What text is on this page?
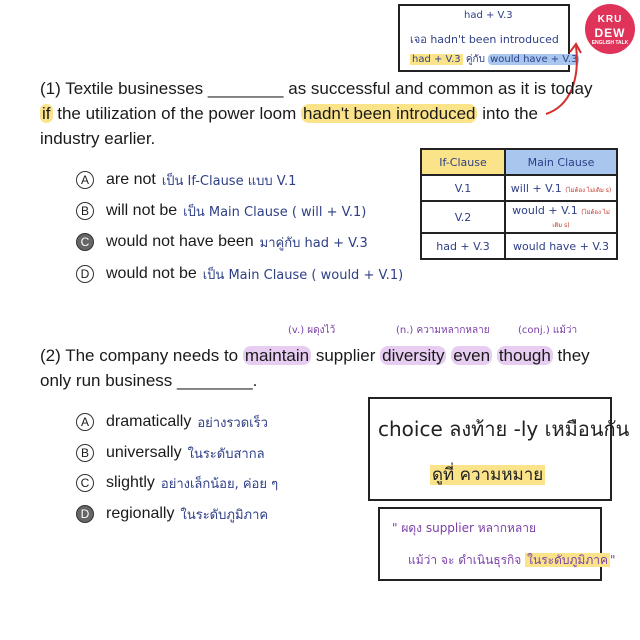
had + V.3
เจอ hadn't been introduced
had + V.3 คู่กับ would have + V.3
KRU
DEW
ENGLISH TALK
(1) Textile businesses ________ as successful and common as it is today if the utilization of the power loom hadn't been introduced into the industry earlier.
A	are not เป็น If-Clause แบบ V.1
B	will not be เป็น Main Clause ( will + V.1)
C would not have been มาคู่กับ had + V.3
D would not be เป็น Main Clause ( would + V.1)
If-Clause	Main Clause
V.1	will + V.1 (ไม่ต้อง ไม่เติม s)
V.2	would + V.1 (ไม่ต้อง ไม่เติม s)
had + V.3	would have + V.3
(v.) ผดุงไว้	(n.) ความหลากหลาย	(conj.) แม้ว่า
(2) The company needs to maintain supplier diversity even though they only run business ________.
A	dramatically อย่างรวดเร็ว
B	universally ในระดับสากล
C slightly อย่างเล็กน้อย, ค่อย ๆ
D regionally ในระดับภูมิภาค
choice ลงท้าย -ly เหมือนกัน
ดูที่ ความหมาย
" ผดุง supplier หลากหลาย
แม้ว่า จะ ดำเนินธุรกิจ ในระดับภูมิภาค "
